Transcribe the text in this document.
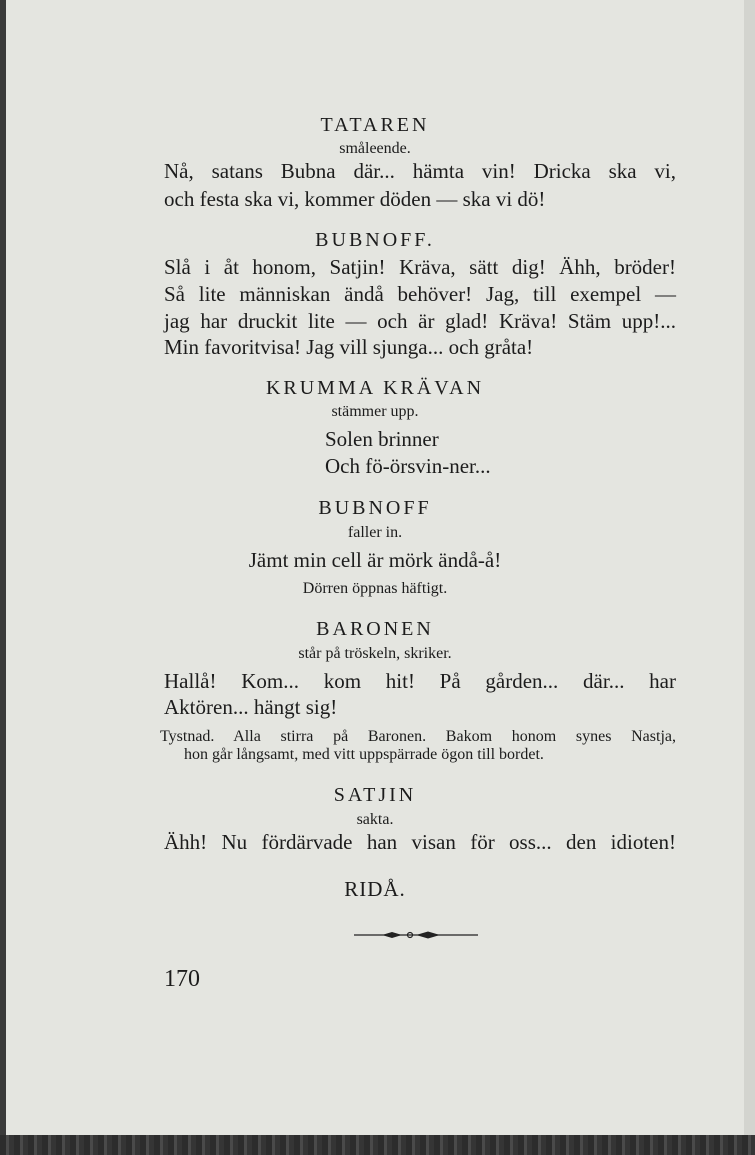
TATAREN
småleende.
Nå, satans Bubna där... hämta vin! Dricka ska vi,
och festa ska vi, kommer döden — ska vi dö!
BUBNOFF.
Slå i åt honom, Satjin! Kräva, sätt dig! Ähh, bröder!
Så lite människan ändå behöver! Jag, till exempel —
jag har druckit lite — och är glad! Kräva! Stäm upp!...
Min favoritvisa! Jag vill sjunga... och gråta!
KRUMMA KRÄVAN
stämmer upp.
Solen brinner
Och fö-örsvin-ner...
BUBNOFF
faller in.
Jämt min cell är mörk ändå-å!
Dörren öppnas häftigt.
BARONEN
står på tröskeln, skriker.
Hallå! Kom... kom hit! På gården... där... har
Aktören... hängt sig!
Tystnad. Alla stirra på Baronen. Bakom honom synes Nastja,
hon går långsamt, med vitt uppspärrade ögon till bordet.
SATJIN
sakta.
Ähh! Nu fördärvade han visan för oss... den idioten!
RIDÅ.
170
